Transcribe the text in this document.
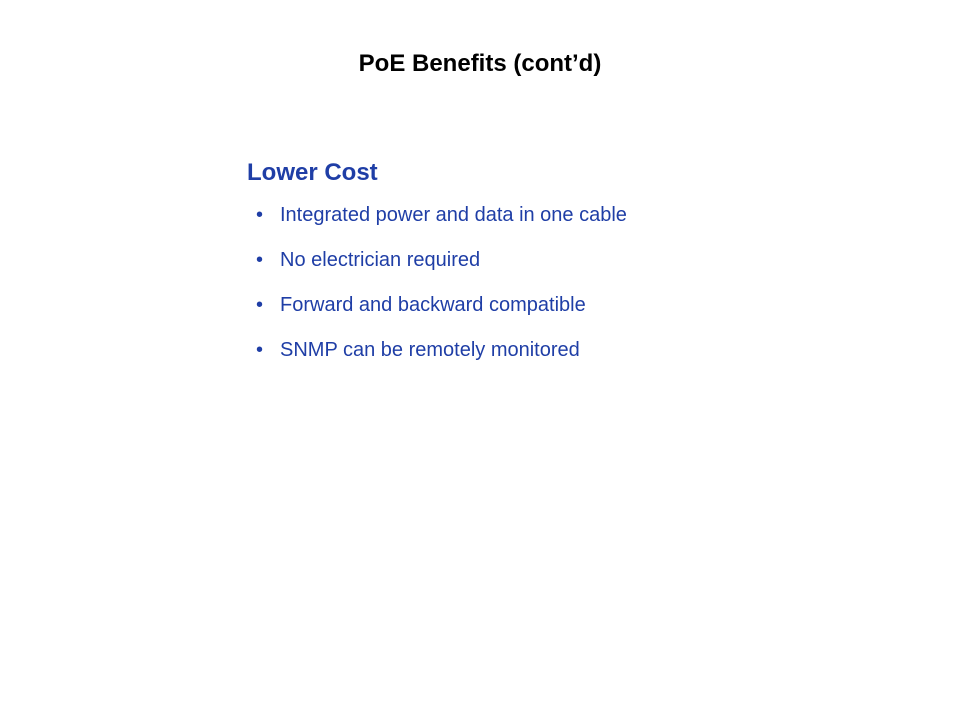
PoE Benefits (cont’d)
Lower Cost
• Integrated power and data in one cable
• No electrician required
• Forward and backward compatible
• SNMP can be remotely monitored
